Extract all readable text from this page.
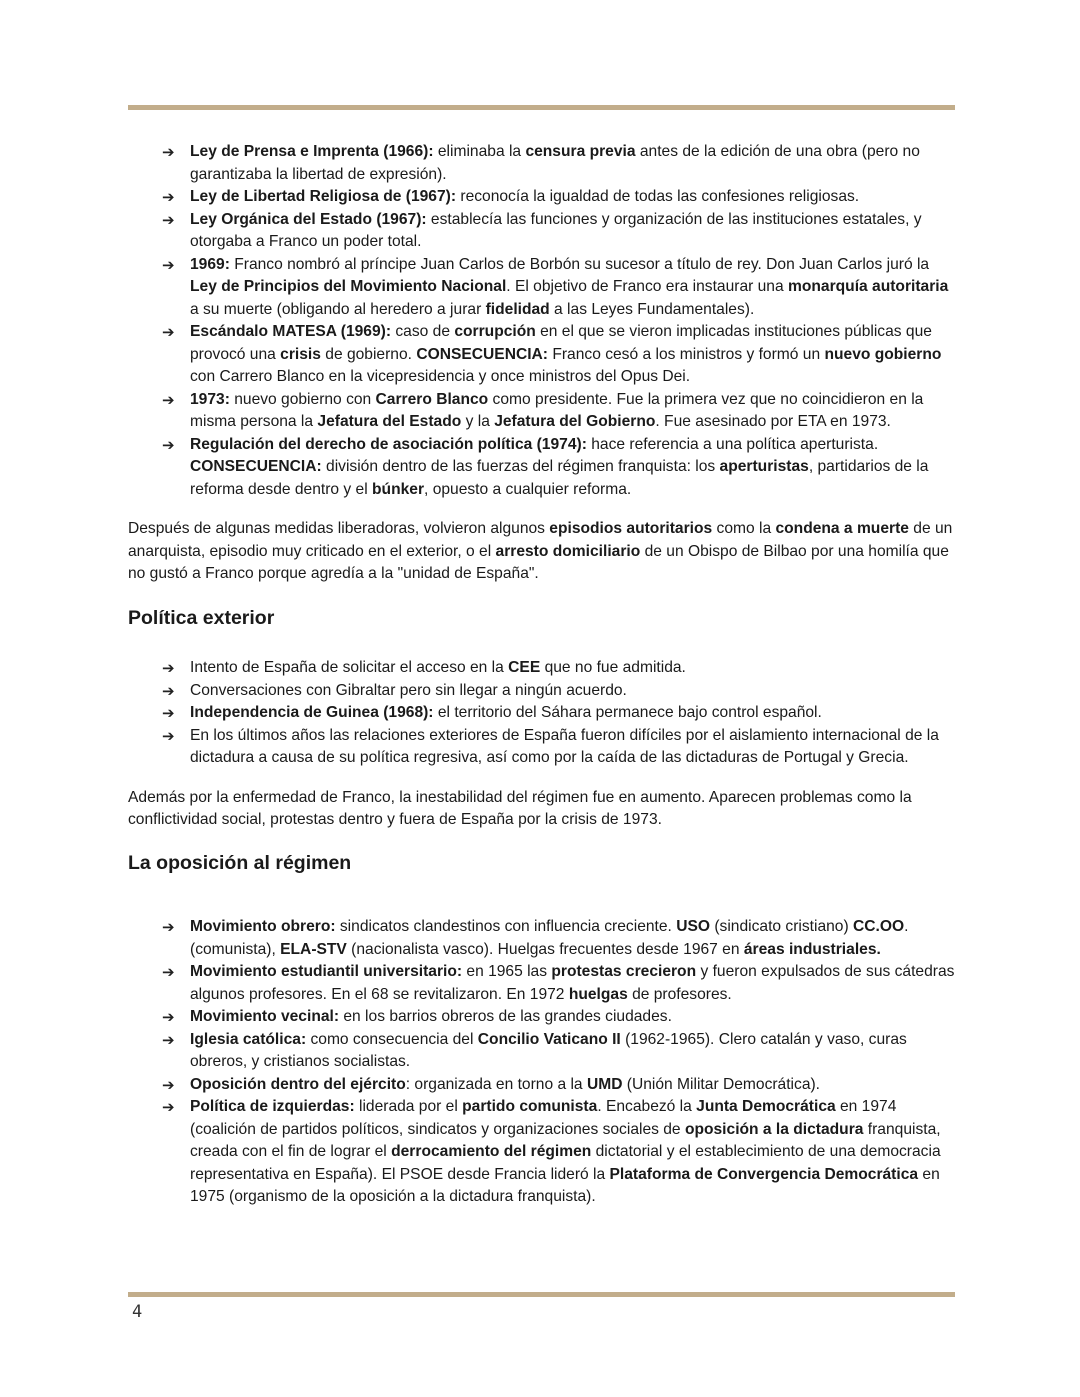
➔ Ley de Prensa e Imprenta (1966): eliminaba la censura previa antes de la edición de una obra (pero no garantizaba la libertad de expresión).
➔ Ley de Libertad Religiosa de (1967): reconocía la igualdad de todas las confesiones religiosas.
➔ Ley Orgánica del Estado (1967): establecía las funciones y organización de las instituciones estatales, y otorgaba a Franco un poder total.
➔ 1969: Franco nombró al príncipe Juan Carlos de Borbón su sucesor a título de rey. Don Juan Carlos juró la Ley de Principios del Movimiento Nacional. El objetivo de Franco era instaurar una monarquía autoritaria a su muerte (obligando al heredero a jurar fidelidad a las Leyes Fundamentales).
➔ Escándalo MATESA (1969): caso de corrupción en el que se vieron implicadas instituciones públicas que provocó una crisis de gobierno. CONSECUENCIA: Franco cesó a los ministros y formó un nuevo gobierno con Carrero Blanco en la vicepresidencia y once ministros del Opus Dei.
➔ 1973: nuevo gobierno con Carrero Blanco como presidente. Fue la primera vez que no coincidieron en la misma persona la Jefatura del Estado y la Jefatura del Gobierno. Fue asesinado por ETA en 1973.
➔ Regulación del derecho de asociación política (1974): hace referencia a una política aperturista.
CONSECUENCIA: división dentro de las fuerzas del régimen franquista: los aperturistas, partidarios de la reforma desde dentro y el búnker, opuesto a cualquier reforma.

Después de algunas medidas liberadoras, volvieron algunos episodios autoritarios como la condena a muerte de un anarquista, episodio muy criticado en el exterior, o el arresto domiciliario de un Obispo de Bilbao por una homilía que no gustó a Franco porque agredía a la "unidad de España".

Política exterior
➔ Intento de España de solicitar el acceso en la CEE que no fue admitida.
➔ Conversaciones con Gibraltar pero sin llegar a ningún acuerdo.
➔ Independencia de Guinea (1968): el territorio del Sáhara permanece bajo control español.
➔ En los últimos años las relaciones exteriores de España fueron difíciles por el aislamiento internacional de la dictadura a causa de su política regresiva, así como por la caída de las dictaduras de Portugal y Grecia.

Además por la enfermedad de Franco, la inestabilidad del régimen fue en aumento. Aparecen problemas como la conflictividad social, protestas dentro y fuera de España por la crisis de 1973.

La oposición al régimen
➔ Movimiento obrero: sindicatos clandestinos con influencia creciente. USO (sindicato cristiano) CC.OO. (comunista), ELA-STV (nacionalista vasco). Huelgas frecuentes desde 1967 en áreas industriales.
➔ Movimiento estudiantil universitario: en 1965 las protestas crecieron y fueron expulsados de sus cátedras algunos profesores. En el 68 se revitalizaron. En 1972 huelgas de profesores.
➔ Movimiento vecinal: en los barrios obreros de las grandes ciudades.
➔ Iglesia católica: como consecuencia del Concilio Vaticano II (1962-1965). Clero catalán y vaso, curas obreros, y cristianos socialistas.
➔ Oposición dentro del ejército: organizada en torno a la UMD (Unión Militar Democrática).
➔ Política de izquierdas: liderada por el partido comunista. Encabezó la Junta Democrática en 1974 (coalición de partidos políticos, sindicatos y organizaciones sociales de oposición a la dictadura franquista, creada con el fin de lograr el derrocamiento del régimen dictatorial y el establecimiento de una democracia representativa en España). El PSOE desde Francia lideró la Plataforma de Convergencia Democrática en 1975 (organismo de la oposición a la dictadura franquista).
4
